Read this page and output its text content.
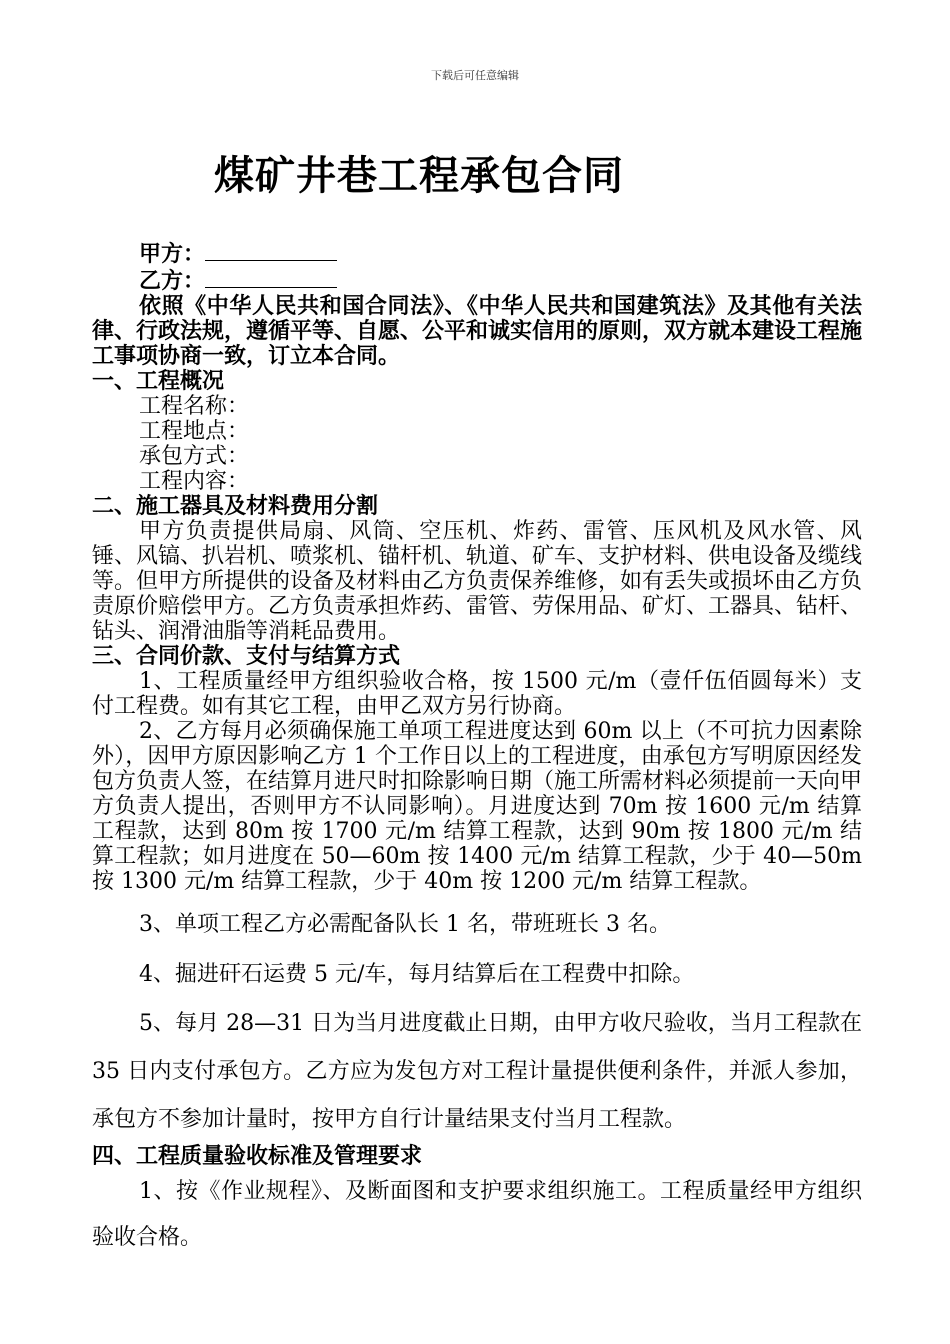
下载后可任意编辑
煤矿井巷工程承包合同

甲方：

乙方：

依照《中华人民共和国合同法》、《中华人民共和国建筑法》及其他有关法律、行政法规，遵循平等、自愿、公平和诚实信用的原则，双方就本建设工程施工事项协商一致，订立本合同。

一、工程概况

工程名称：

工程地点：

承包方式：

工程内容：

二、施工器具及材料费用分割

甲方负责提供局扇、风筒、空压机、炸药、雷管、压风机及风水管、风锤、风镐、扒岩机、喷浆机、锚杆机、轨道、矿车、支护材料、供电设备及缆线等。但甲方所提供的设备及材料由乙方负责保养维修，如有丢失或损坏由乙方负责原价赔偿甲方。乙方负责承担炸药、雷管、劳保用品、矿灯、工器具、钻杆、钻头、润滑油脂等消耗品费用。

三、合同价款、支付与结算方式

1、工程质量经甲方组织验收合格，按 1500 元/m（壹仟伍佰圆每米）支付工程费。如有其它工程，由甲乙双方另行协商。

2、乙方每月必须确保施工单项工程进度达到 60m 以上（不可抗力因素除外），因甲方原因影响乙方 1 个工作日以上的工程进度，由承包方写明原因经发包方负责人签，在结算月进尺时扣除影响日期（施工所需材料必须提前一天向甲方负责人提出，否则甲方不认同影响）。月进度达到 70m 按 1600 元/m 结算工程款，达到 80m 按 1700 元/m 结算工程款，达到 90m 按 1800 元/m 结算工程款；如月进度在 50—60m 按 1400 元/m 结算工程款，少于 40—50m 按 1300 元/m 结算工程款，少于 40m 按 1200 元/m 结算工程款。

3、单项工程乙方必需配备队长 1 名，带班班长 3 名。

4、掘进矸石运费 5 元/车，每月结算后在工程费中扣除。

5、每月 28—31 日为当月进度截止日期，由甲方收尺验收，当月工程款在 35 日内支付承包方。乙方应为发包方对工程计量提供便利条件，并派人参加，承包方不参加计量时，按甲方自行计量结果支付当月工程款。

四、工程质量验收标准及管理要求

1、按《作业规程》、及断面图和支护要求组织施工。工程质量经甲方组织验收合格。
